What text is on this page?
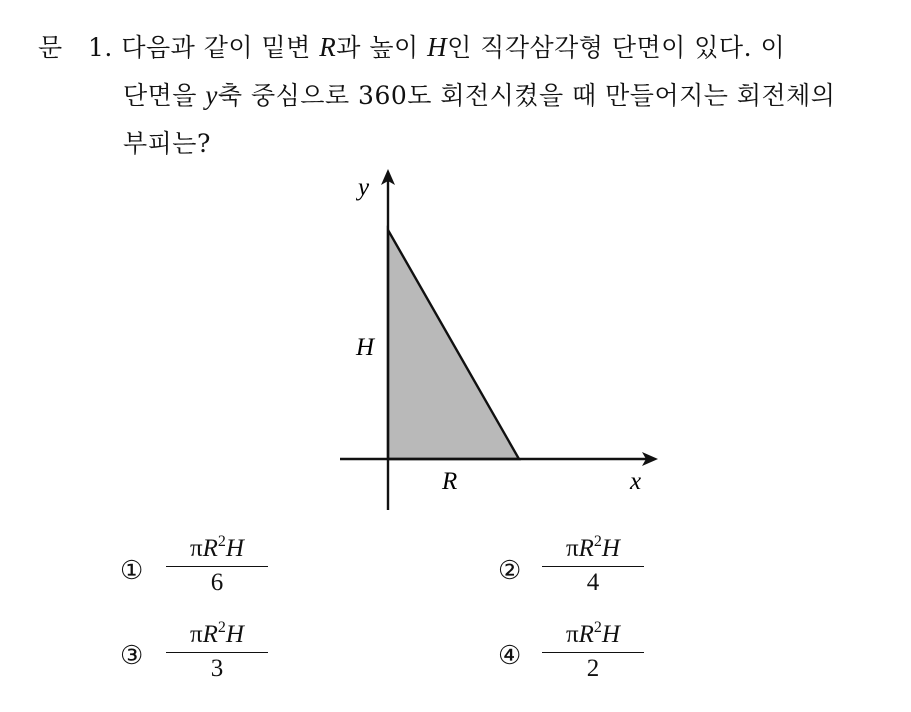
문 1. 다음과 같이 밑변 R과 높이 H인 직각삼각형 단면이 있다. 이
단면을 y축 중심으로 360도 회전시켰을 때 만들어지는 회전체의
부피는?
y
x
H
R
①
$\pi R^2H$
6	②
$\pi R^2H$
4
③
$\pi R^2H$
3	④
$\pi R^2H$
2
